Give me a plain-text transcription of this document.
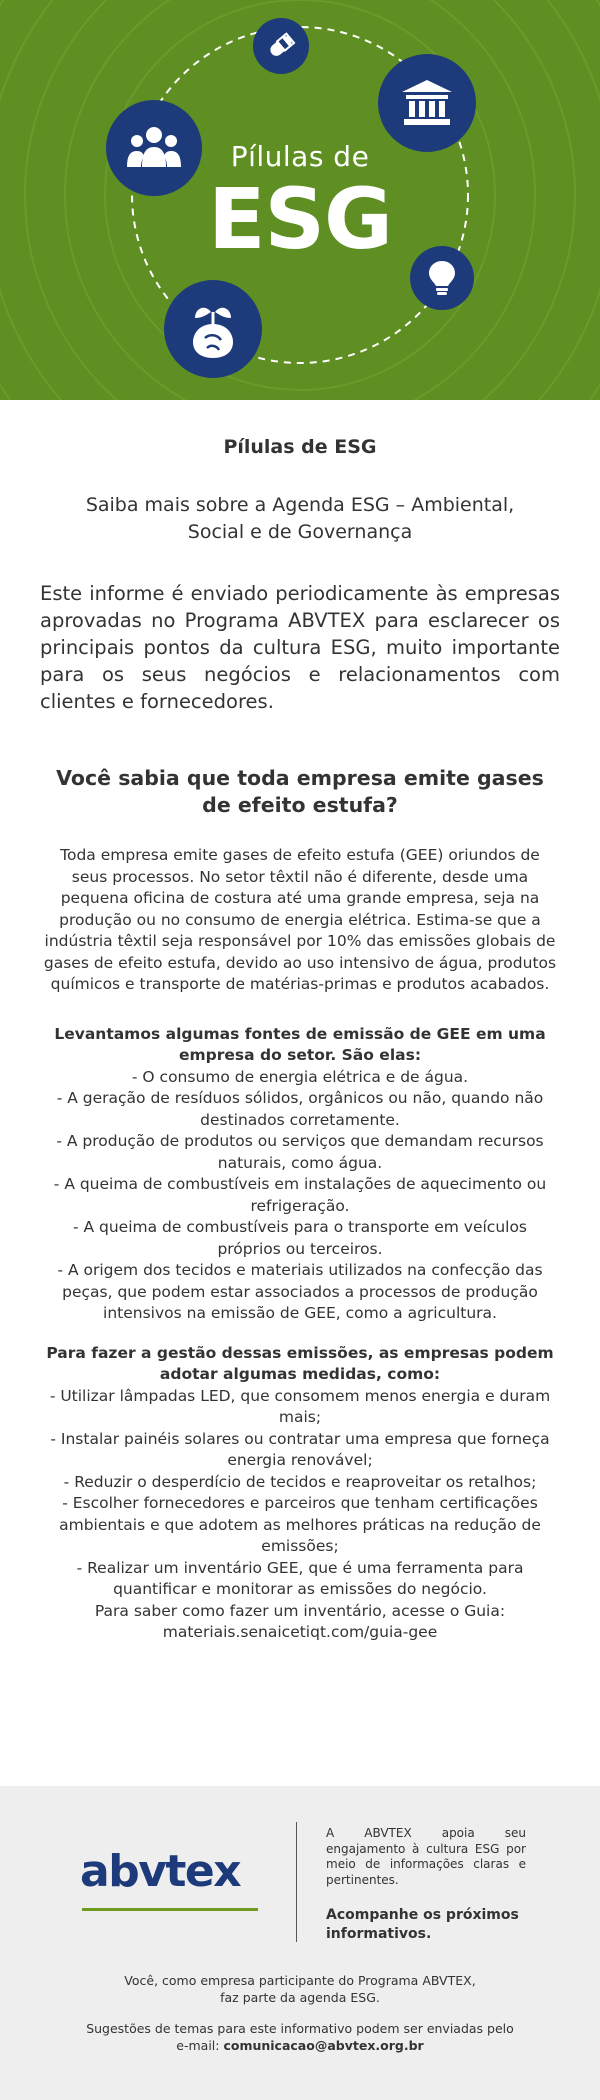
Pílulas de
ESG
Pílulas de ESG
Saiba mais sobre a Agenda ESG – Ambiental, Social e de Governança
Este informe é enviado periodicamente às empresas aprovadas no Programa ABVTEX para esclarecer os principais pontos da cultura ESG, muito importante para os seus negócios e relacionamentos com clientes e fornecedores.
Você sabia que toda empresa emite gases de efeito estufa?
Toda empresa emite gases de efeito estufa (GEE) oriundos de seus processos. No setor têxtil não é diferente, desde uma pequena oficina de costura até uma grande empresa, seja na produção ou no consumo de energia elétrica. Estima-se que a indústria têxtil seja responsável por 10% das emissões globais de gases de efeito estufa, devido ao uso intensivo de água, produtos químicos e transporte de matérias-primas e produtos acabados.
Levantamos algumas fontes de emissão de GEE em uma empresa do setor. São elas:
- O consumo de energia elétrica e de água.
- A geração de resíduos sólidos, orgânicos ou não, quando não destinados corretamente.
- A produção de produtos ou serviços que demandam recursos naturais, como água.
- A queima de combustíveis em instalações de aquecimento ou refrigeração.
- A queima de combustíveis para o transporte em veículos próprios ou terceiros.
- A origem dos tecidos e materiais utilizados na confecção das peças, que podem estar associados a processos de produção intensivos na emissão de GEE, como a agricultura.
Para fazer a gestão dessas emissões, as empresas podem adotar algumas medidas, como:
- Utilizar lâmpadas LED, que consomem menos energia e duram mais;
- Instalar painéis solares ou contratar uma empresa que forneça energia renovável;
- Reduzir o desperdício de tecidos e reaproveitar os retalhos;
- Escolher fornecedores e parceiros que tenham certificações ambientais e que adotem as melhores práticas na redução de emissões;
- Realizar um inventário GEE, que é uma ferramenta para quantificar e monitorar as emissões do negócio.
Para saber como fazer um inventário, acesse o Guia:
materiais.senaicetiqt.com/guia-gee
abvtex
A ABVTEX apoia seu engajamento à cultura ESG por meio de informações claras e pertinentes.
Acompanhe os próximos informativos.
Você, como empresa participante do Programa ABVTEX,
faz parte da agenda ESG.
Sugestões de temas para este informativo podem ser enviadas pelo
e-mail: comunicacao@abvtex.org.br
